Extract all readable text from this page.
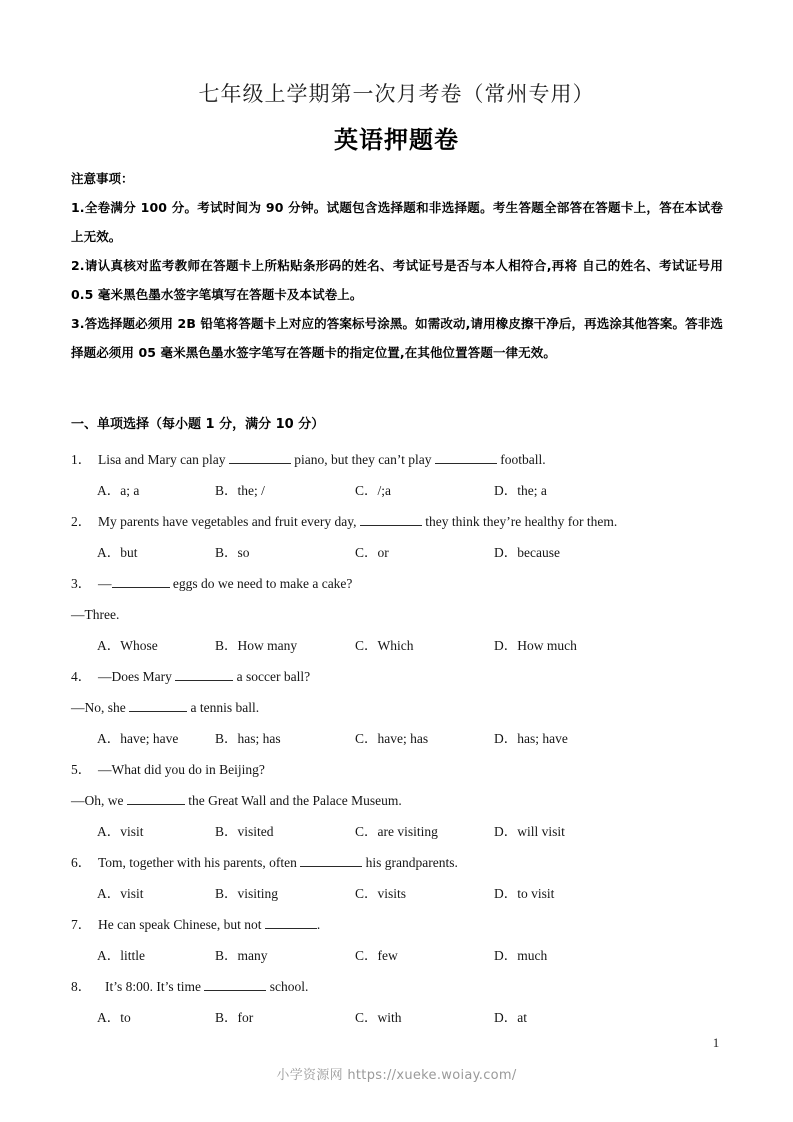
七年级上学期第一次月考卷（常州专用）
英语押题卷
注意事项：
1.全卷满分 100 分。考试时间为 90 分钟。试题包含选择题和非选择题。考生答题全部答在答题卡上，答在本试卷上无效。
2.请认真核对监考教师在答题卡上所粘贴条形码的姓名、考试证号是否与本人相符合,再将 自己的姓名、考试证号用 0.5 毫米黑色墨水签字笔填写在答题卡及本试卷上。
3.答选择题必须用 2B 铅笔将答题卡上对应的答案标号涂黑。如需改动,请用橡皮擦干净后，再选涂其他答案。答非选择题必须用 05 毫米黑色墨水签字笔写在答题卡的指定位置,在其他位置答题一律无效。
一、单项选择（每小题 1 分，满分 10 分）
1． Lisa and Mary can play	piano, but they can’t play	football.
A．a; a	B．the; /	C．/;a	D．the; a
2． My parents have vegetables and fruit every day,	they think they’re healthy for them.
A．but	B．so	C．or	D．because
3． —	eggs do we need to make a cake?
—Three.
A．Whose	B．How many	C．Which	D．How much
4． —Does Mary	a soccer ball?
—No, she	a tennis ball.
A．have; have	B．has; has	C．have; has	D．has; have
5． —What did you do in Beijing?
—Oh, we	the Great Wall and the Palace Museum.
A．visit	B．visited	C．are visiting	D．will visit
6． Tom, together with his parents, often	his grandparents.
A．visit	B．visiting	C．visits	D．to visit
7． He can speak Chinese, but not	.
A．little	B．many	C．few	D．much
8． It’s 8:00. It’s time	school.
A．to	B．for	C．with	D．at
1
小学资源网 https://xueke.woiay.com/
